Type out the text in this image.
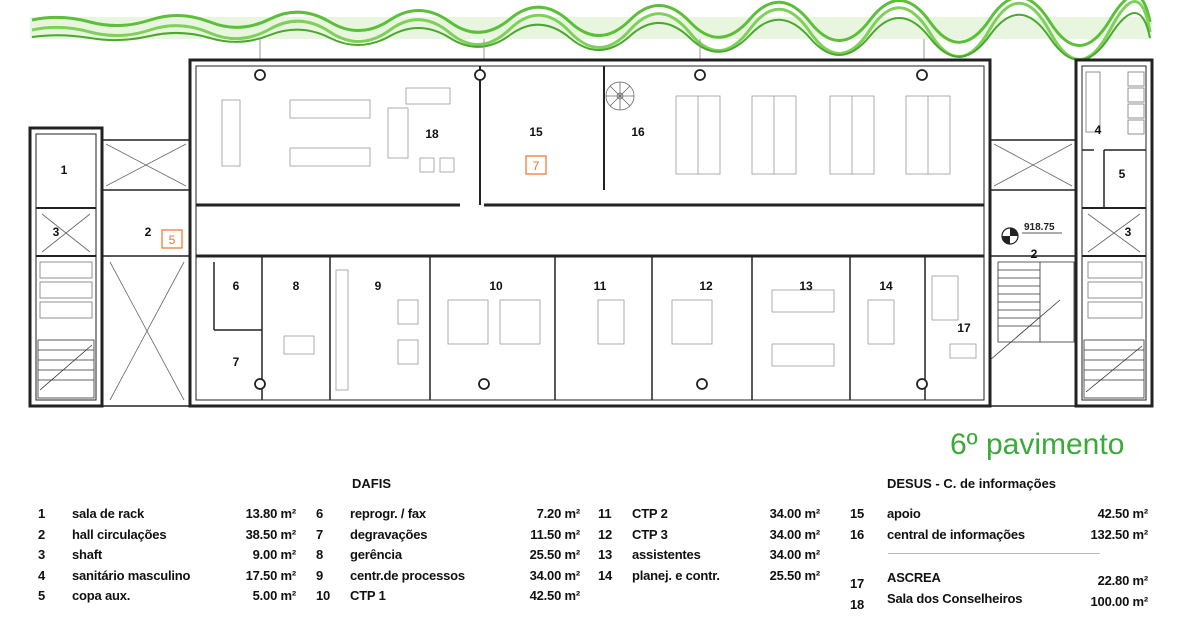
918.75
1
2
3
4
5
6
7
8	9	10	11	12	13	14
15	16
17
18
2
3
5
7
6º pavimento
DAFIS	DESUS - C. de informações
1 sala de rack	13.80 m²
2 hall circulações	38.50 m²
3 shaft	9.00 m²
4 sanitário masculino	17.50 m²
5 copa aux.	5.00 m²
6 reprogr. / fax	7.20 m²
7 degravações	11.50 m²
8 gerência	25.50 m²
9 centr.de processos	34.00 m²
10 CTP 1	42.50 m²
11 CTP 2	34.00 m²
12 CTP 3	34.00 m²
13 assistentes	34.00 m²
14 planej. e contr.	25.50 m²
15 apoio	42.50 m²
16 central de informações	132.50 m²
17 ASCREA	22.80 m²
18 Sala dos Conselheiros	100.00 m²
